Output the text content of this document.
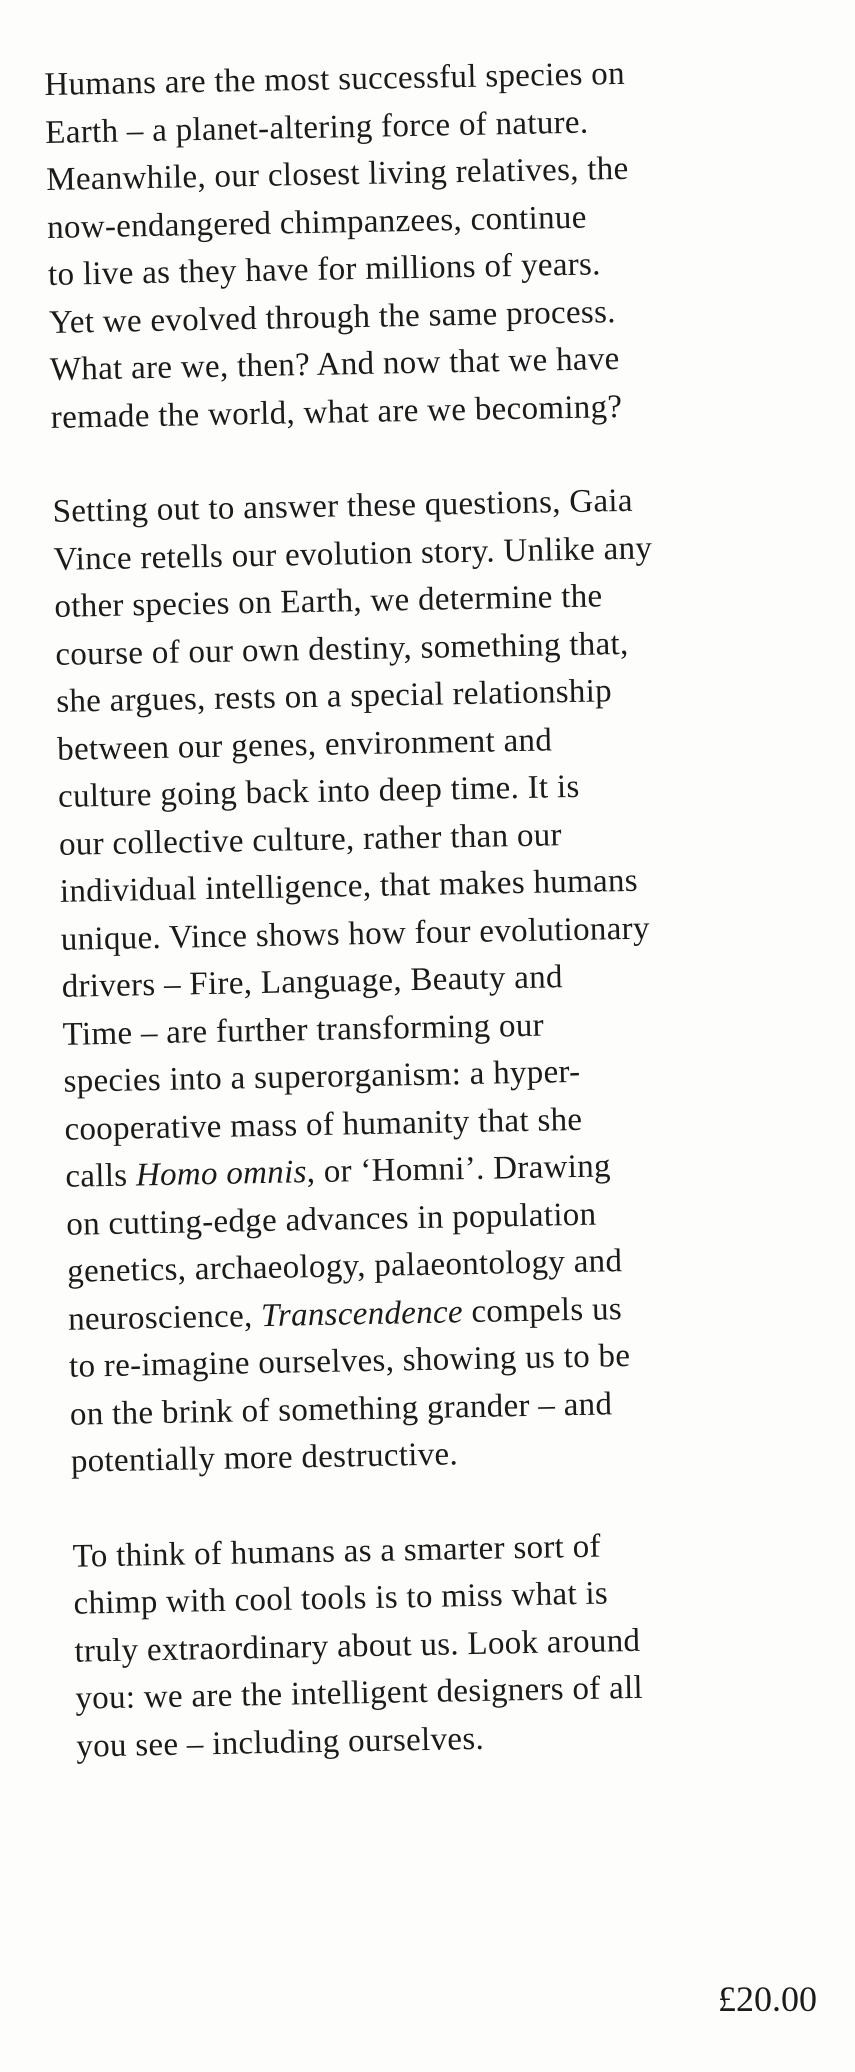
Humans are the most successful species on
Earth – a planet-altering force of nature.
Meanwhile, our closest living relatives, the
now-endangered chimpanzees, continue
to live as they have for millions of years.
Yet we evolved through the same process.
What are we, then? And now that we have
remade the world, what are we becoming?

Setting out to answer these questions, Gaia
Vince retells our evolution story. Unlike any
other species on Earth, we determine the
course of our own destiny, something that,
she argues, rests on a special relationship
between our genes, environment and
culture going back into deep time. It is
our collective culture, rather than our
individual intelligence, that makes humans
unique. Vince shows how four evolutionary
drivers – Fire, Language, Beauty and
Time – are further transforming our
species into a superorganism: a hyper-
cooperative mass of humanity that she
calls Homo omnis, or ‘Homni’. Drawing
on cutting-edge advances in population
genetics, archaeology, palaeontology and
neuroscience, Transcendence compels us
to re-imagine ourselves, showing us to be
on the brink of something grander – and
potentially more destructive.

To think of humans as a smarter sort of
chimp with cool tools is to miss what is
truly extraordinary about us. Look around
you: we are the intelligent designers of all
you see – including ourselves.

£20.00
